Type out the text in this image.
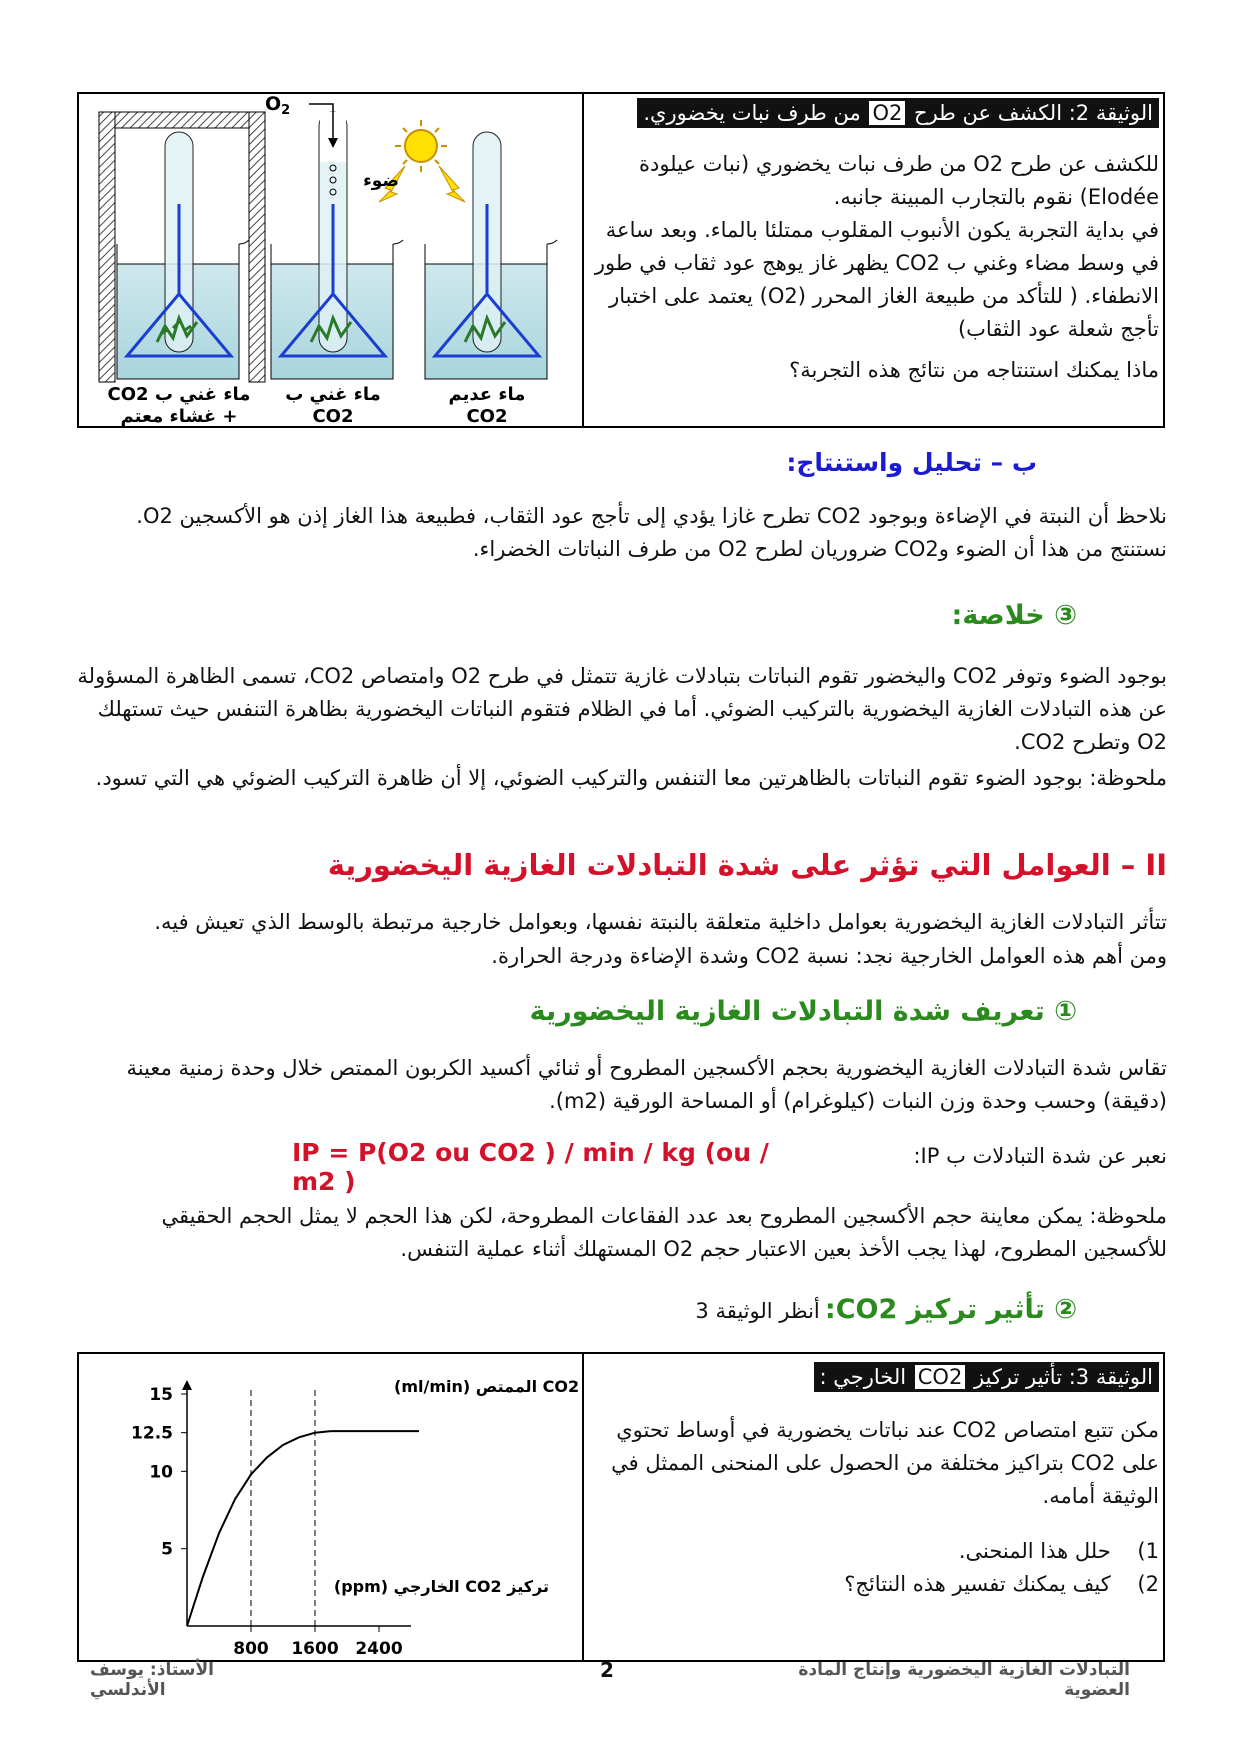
$O_2$
ضوء
ماء غني ب CO2
+ غشاء معتم
ماء غني ب
CO2
ماء عديم
CO2
الوثيقة 2: الكشف عن طرح O2 من طرف نبات يخضوري.
للكشف عن طرح O2 من طرف نبات يخضوري (نبات عيلودة Elodée) نقوم بالتجارب المبينة جانبه.
في بداية التجربة يكون الأنبوب المقلوب ممتلئا بالماء. وبعد ساعة في وسط مضاء وغني ب CO2 يظهر غاز يوهج عود ثقاب في طور الانطفاء. ( للتأكد من طبيعة الغاز المحرر (O2) يعتمد على اختبار تأجج شعلة عود الثقاب)
ماذا يمكنك استنتاجه من نتائج هذه التجربة؟
ب – تحليل واستنتاج:
نلاحظ أن النبتة في الإضاءة وبوجود CO2 تطرح غازا يؤدي إلى تأجج عود الثقاب، فطبيعة هذا الغاز إذن هو الأكسجين O2. نستنتج من هذا أن الضوء وCO2 ضروريان لطرح O2 من طرف النباتات الخضراء.
③ خلاصة:
بوجود الضوء وتوفر CO2 واليخضور تقوم النباتات بتبادلات غازية تتمثل في طرح O2 وامتصاص CO2، تسمى الظاهرة المسؤولة عن هذه التبادلات الغازية اليخضورية بالتركيب الضوئي. أما في الظلام فتقوم النباتات اليخضورية بظاهرة التنفس حيث تستهلك O2 وتطرح CO2.
ملحوظة: بوجود الضوء تقوم النباتات بالظاهرتين معا التنفس والتركيب الضوئي، إلا أن ظاهرة التركيب الضوئي هي التي تسود.
II – العوامل التي تؤثر على شدة التبادلات الغازية اليخضورية
تتأثر التبادلات الغازية اليخضورية بعوامل داخلية متعلقة بالنبتة نفسها، وبعوامل خارجية مرتبطة بالوسط الذي تعيش فيه.
ومن أهم هذه العوامل الخارجية نجد: نسبة CO2 وشدة الإضاءة ودرجة الحرارة.
① تعريف شدة التبادلات الغازية اليخضورية
تقاس شدة التبادلات الغازية اليخضورية بحجم الأكسجين المطروح أو ثنائي أكسيد الكربون الممتص خلال وحدة زمنية معينة (دقيقة) وحسب وحدة وزن النبات (كيلوغرام) أو المساحة الورقية (m2).
نعبر عن شدة التبادلات ب IP:
IP = P(O2 ou CO2 ) / min / kg (ou / m2 )
ملحوظة: يمكن معاينة حجم الأكسجين المطروح بعد عدد الفقاعات المطروحة، لكن هذا الحجم لا يمثل الحجم الحقيقي للأكسجين المطروح، لهذا يجب الأخذ بعين الاعتبار حجم O2 المستهلك أثناء عملية التنفس.
② تأثير تركيز CO2: أنظر الوثيقة 3
5
10
12.5
15
800 1600 2400
CO2 الممتص (ml/min)
تركيز CO2 الخارجي (ppm)
الوثيقة 3: تأثير تركيز CO2 الخارجي :
مكن تتبع امتصاص CO2 عند نباتات يخضورية في أوساط تحتوي على CO2 بتراكيز مختلفة من الحصول على المنحنى الممثل في الوثيقة أمامه.
1)    حلل هذا المنحنى.
2)    كيف يمكنك تفسير هذه النتائج؟
الأستاذ: يوسف الأندلسي
2	التبادلات الغازية اليخضورية وإنتاج المادة العضوية
